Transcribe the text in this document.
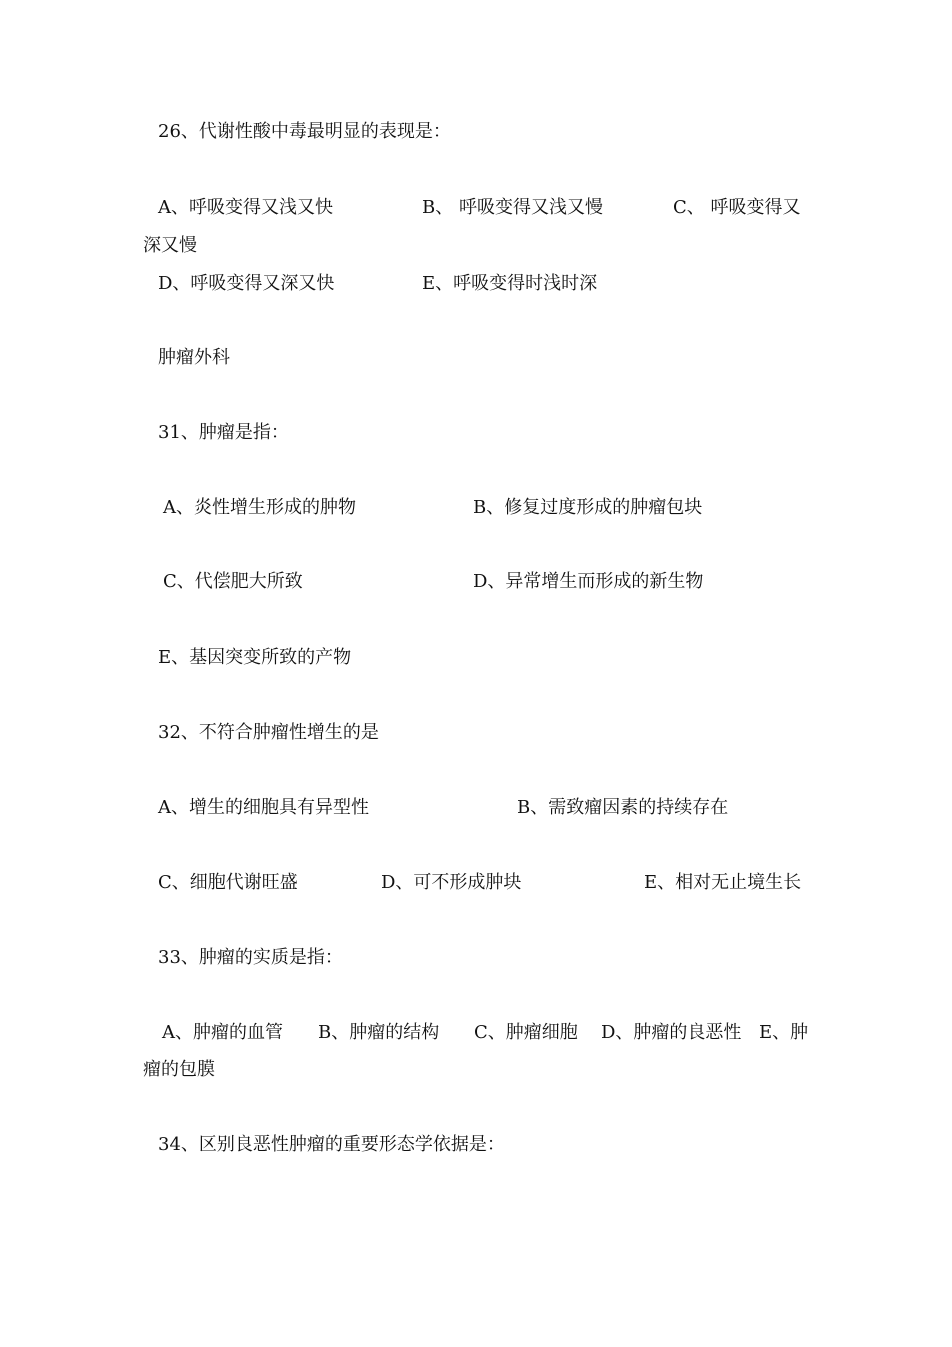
26、代谢性酸中毒最明显的表现是：
A、呼吸变得又浅又快	B、 呼吸变得又浅又慢	C、 呼吸变得又
深又慢
D、呼吸变得又深又快	E、呼吸变得时浅时深
肿瘤外科
31、肿瘤是指：
A、炎性增生形成的肿物	B、修复过度形成的肿瘤包块
C、代偿肥大所致	D、异常增生而形成的新生物
E、基因突变所致的产物
32、不符合肿瘤性增生的是
A、增生的细胞具有异型性	B、需致瘤因素的持续存在
C、细胞代谢旺盛	D、可不形成肿块	E、相对无止境生长
33、肿瘤的实质是指：
A、肿瘤的血管 B、肿瘤的结构 C、肿瘤细胞 D、肿瘤的良恶性 E、肿
瘤的包膜
34、区别良恶性肿瘤的重要形态学依据是：
